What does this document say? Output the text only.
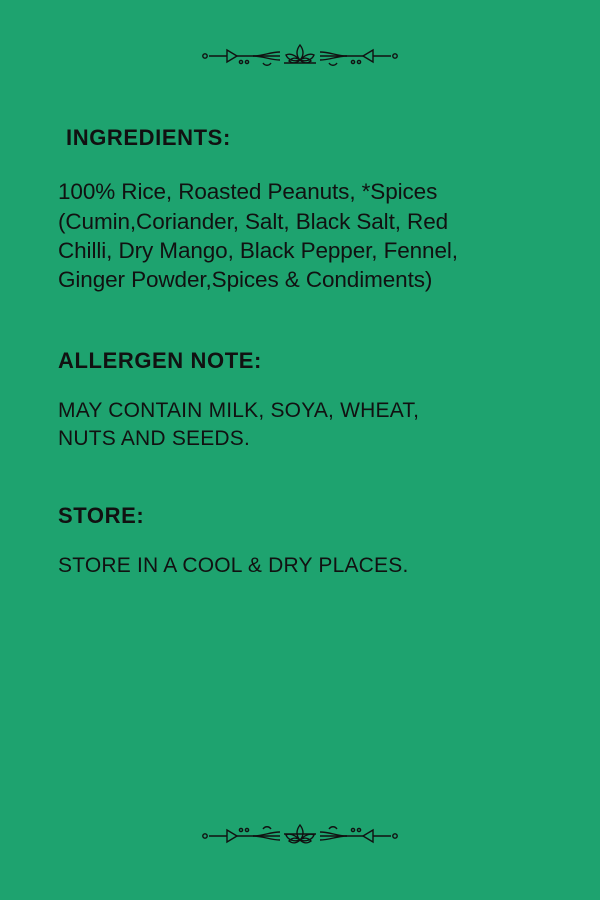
INGREDIENTS:
100% Rice, Roasted Peanuts, *Spices
(Cumin,Coriander, Salt, Black Salt, Red
Chilli, Dry Mango, Black Pepper, Fennel,
Ginger Powder,Spices & Condiments)
ALLERGEN NOTE:
MAY CONTAIN MILK, SOYA, WHEAT,
NUTS AND SEEDS.
STORE:
STORE IN A COOL & DRY PLACES.
